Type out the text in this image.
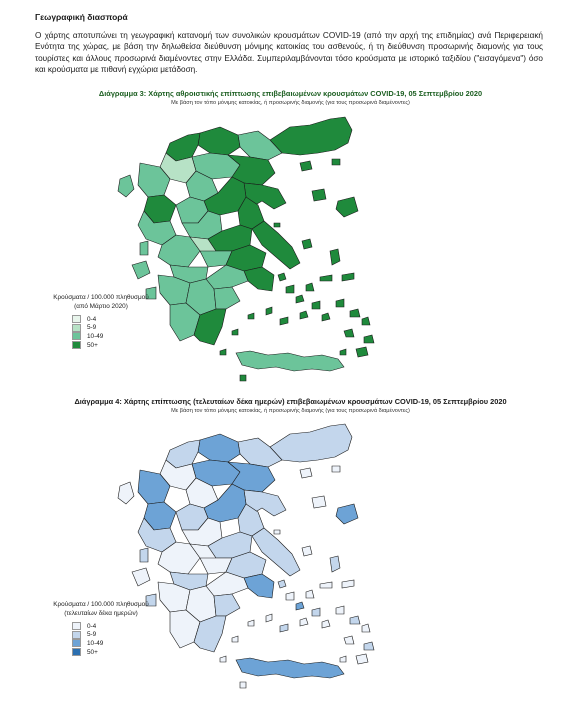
Γεωγραφική διασπορά
Ο χάρτης αποτυπώνει τη γεωγραφική κατανομή των συνολικών κρουσμάτων COVID-19 (από την αρχή της επιδημίας) ανά Περιφερειακή Ενότητα της χώρας, με βάση την δηλωθείσα διεύθυνση μόνιμης κατοικίας του ασθενούς, ή τη διεύθυνση προσωρινής διαμονής για τους τουρίστες και άλλους προσωρινά διαμένοντες στην Ελλάδα. Συμπεριλαμβάνονται τόσο κρούσματα με ιστορικό ταξιδίου ("εισαγόμενα") όσο και κρούσματα με πιθανή εγχώρια μετάδοση.
Διάγραμμα 3: Χάρτης αθροιστικής επίπτωσης επιβεβαιωμένων κρουσμάτων COVID-19, 05 Σεπτεμβρίου 2020
Με βάση τον τόπο μόνιμης κατοικίας, ή προσωρινής διαμονής (για τους προσωρινά διαμένοντες)
Κρούσματα / 100.000 πληθυσμού
(από Μάρτιο 2020)
0-4
5-9
10-49
50+
Διάγραμμα 4: Χάρτης επίπτωσης (τελευταίων δέκα ημερών) επιβεβαιωμένων κρουσμάτων COVID-19, 05 Σεπτεμβρίου 2020
Με βάση τον τόπο μόνιμης κατοικίας, ή προσωρινής διαμονής (για τους προσωρινά διαμένοντες)
Κρούσματα / 100.000 πληθυσμού
(τελευταίων δέκα ημερών)
0-4
5-9
10-49
50+
